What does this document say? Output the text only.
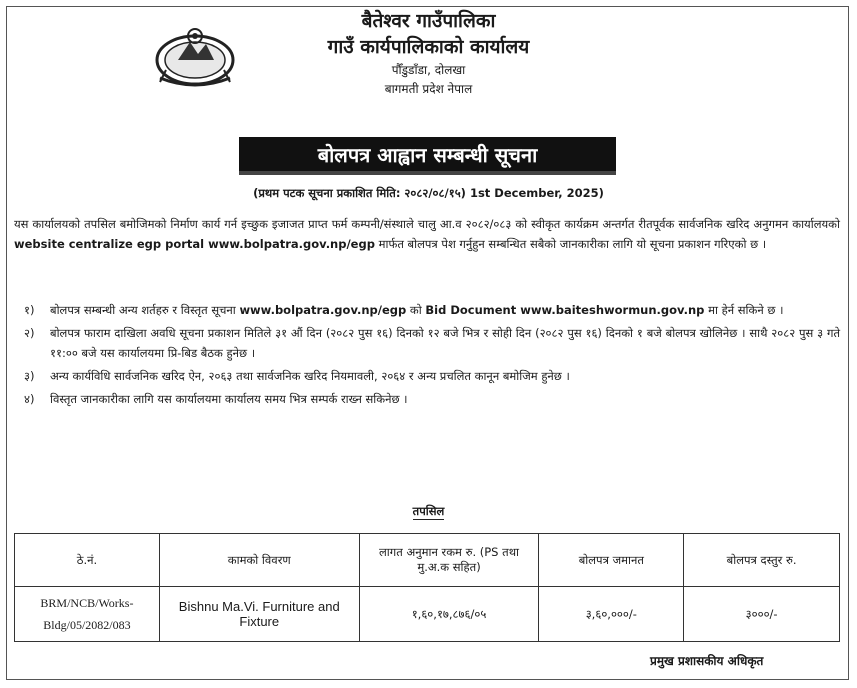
बैतेश्वर गाउँपालिका
गाउँ कार्यपालिकाको कार्यालय
पौँडुडाँडा, दोलखा
बागमती प्रदेश नेपाल
बोलपत्र आह्वान सम्बन्धी सूचना
(प्रथम पटक सूचना प्रकाशित मिति: २०८२/०८/१५) 1st December, 2025)
यस कार्यालयको तपसिल बमोजिमको निर्माण कार्य गर्न इच्छुक इजाजत प्राप्त फर्म कम्पनी/संस्थाले चालु आ.व २०८२/०८३ को स्वीकृत कार्यक्रम अन्तर्गत रीतपूर्वक सार्वजनिक खरिद अनुगमन कार्यालयको website centralize egp portal www.bolpatra.gov.np/egp मार्फत बोलपत्र पेश गर्नुहुन सम्बन्धित सबैको जानकारीका लागि यो सूचना प्रकाशन गरिएको छ ।
१)	बोलपत्र सम्बन्धी अन्य शर्तहरु र विस्तृत सूचना www.bolpatra.gov.np/egp को Bid Document www.baiteshwormun.gov.np मा हेर्न सकिने छ ।
२)	बोलपत्र फाराम दाखिला अवधि सूचना प्रकाशन मितिले ३१ औं दिन (२०८२ पुस १६) दिनको १२ बजे भित्र र सोही दिन (२०८२ पुस १६) दिनको १ बजे बोलपत्र खोलिनेछ । साथै २०८२ पुस ३ गते ११:०० बजे यस कार्यालयमा प्रि-बिड बैठक हुनेछ ।
३)	अन्य कार्यविधि सार्वजनिक खरिद ऐन, २०६३ तथा सार्वजनिक खरिद नियमावली, २०६४ र अन्य प्रचलित कानून बमोजिम हुनेछ ।
४)	विस्तृत जानकारीका लागि यस कार्यालयमा कार्यालय समय भित्र सम्पर्क राख्न सकिनेछ ।
तपसिल
ठे.नं.	कामको विवरण	लागत अनुमान रकम रु. (PS तथा मु.अ.क सहित)	बोलपत्र जमानत	बोलपत्र दस्तुर रु.
BRM/NCB/Works-Bldg/05/2082/083	Bishnu Ma.Vi. Furniture and Fixture	१,६०,१७,८७६/०५	३,६०,०००/-	३०००/-
प्रमुख प्रशासकीय अधिकृत
